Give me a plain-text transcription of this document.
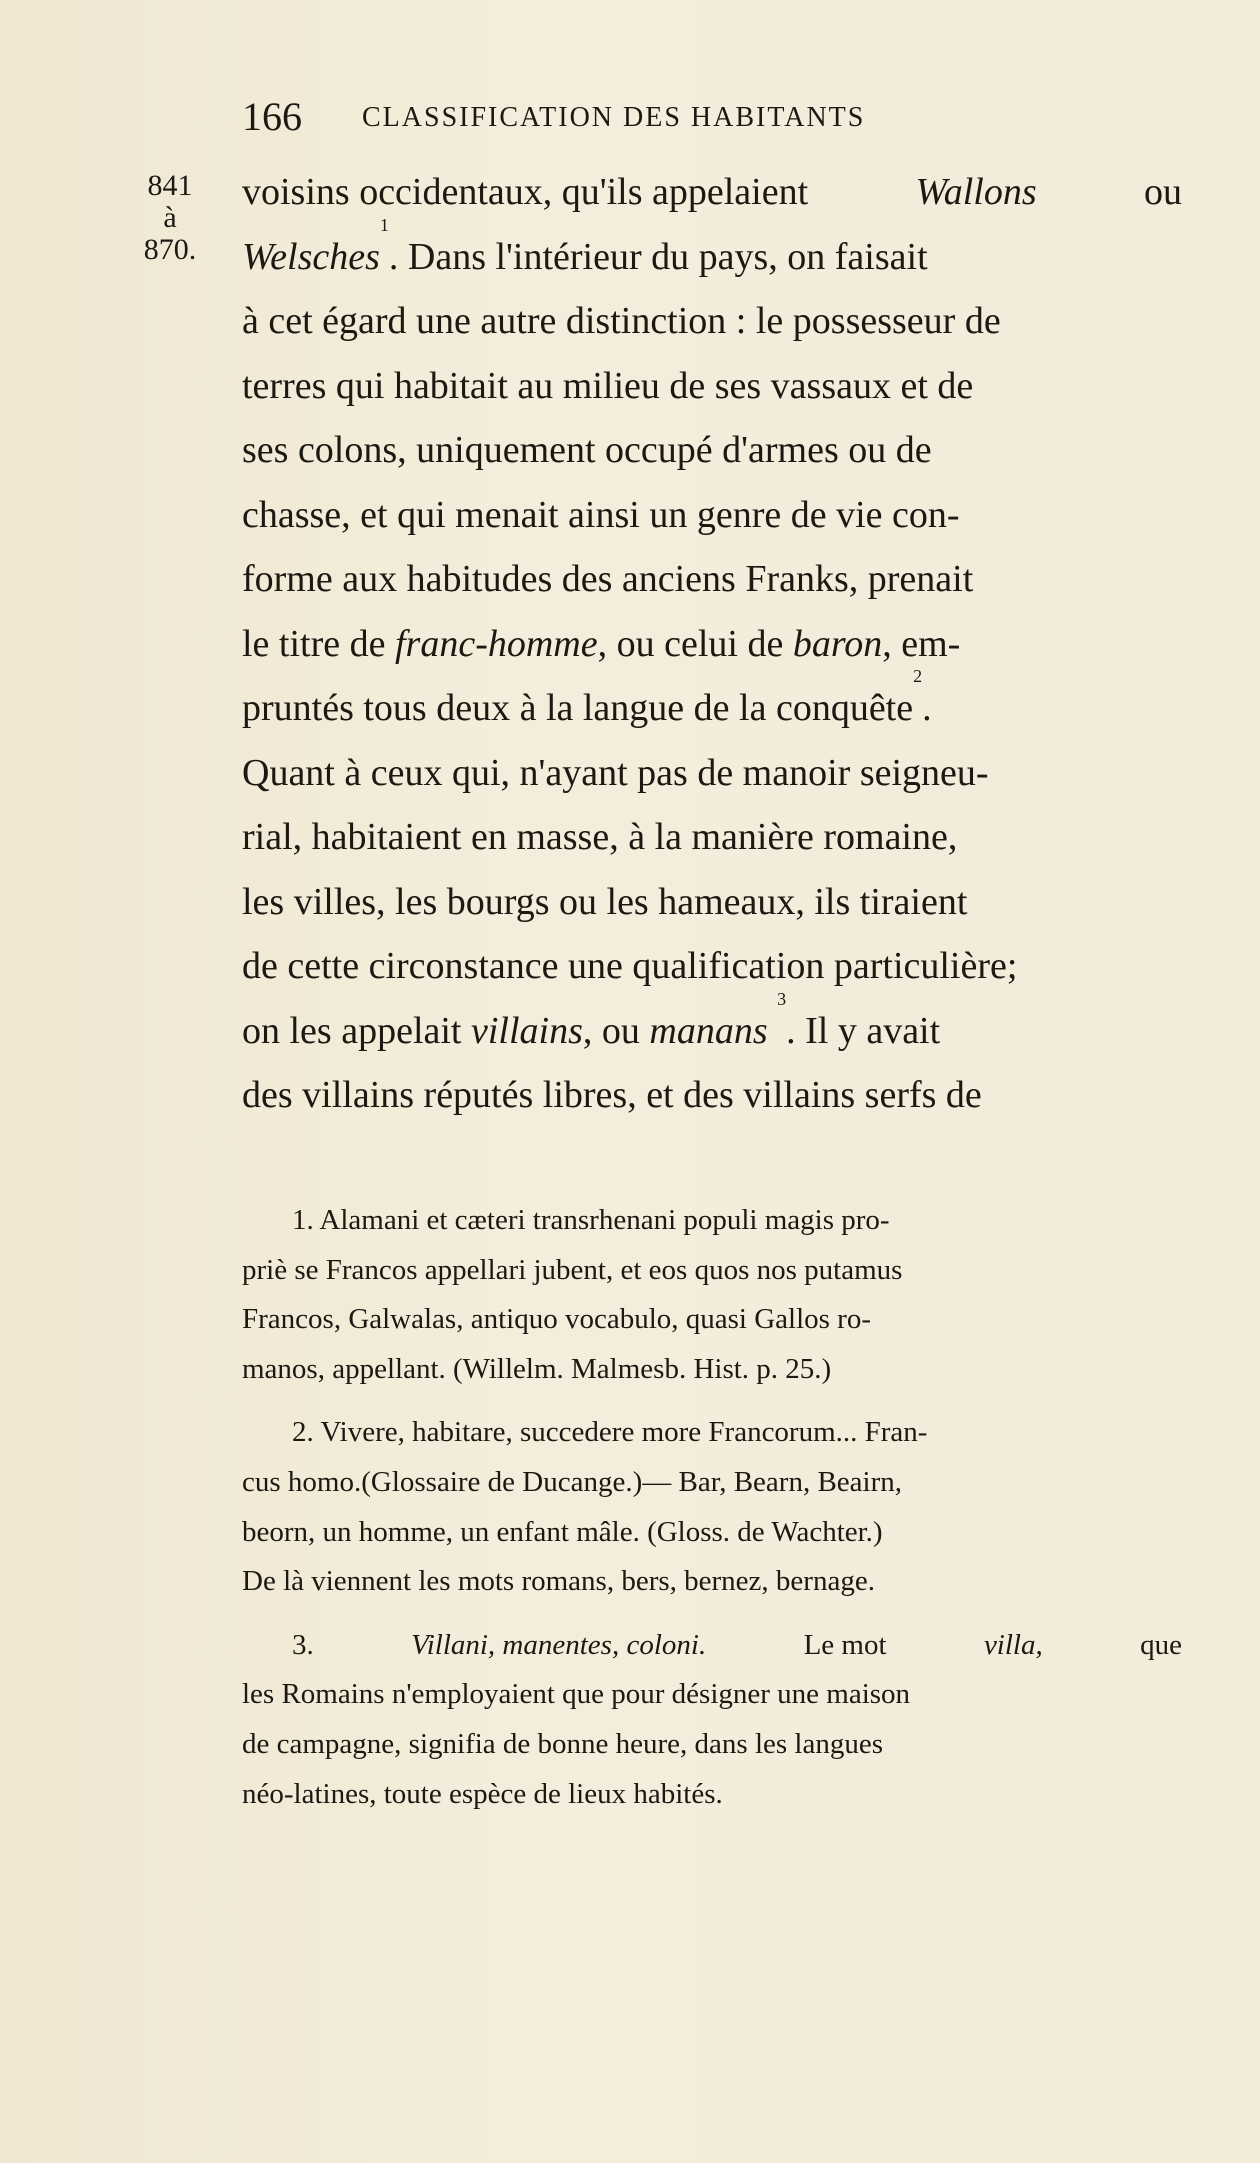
166 CLASSIFICATION DES HABITANTS
841
à
870.
voisins occidentaux, qu'ils appelaient	Wallons	ou
Welsches
1
. Dans l'intérieur du pays, on faisait
à cet égard une autre distinction : le possesseur de
terres qui habitait au milieu de ses vassaux et de
ses colons, uniquement occupé d'armes ou de
chasse, et qui menait ainsi un genre de vie con-
forme aux habitudes des anciens Franks, prenait
le titre de
franc-homme , ou celui de
baron , em-
pruntés tous deux à la langue de la conquête
2
.
Quant à ceux qui, n'ayant pas de manoir seigneu-
rial, habitaient en masse, à la manière romaine,
les villes, les bourgs ou les hameaux, ils tiraient
de cette circonstance une qualification particulière;
on les appelait
villains , ou
manans

3
. Il y avait
des villains réputés libres, et des villains serfs de
1. Alamani et cæteri transrhenani populi magis pro-
priè se Francos appellari jubent, et eos quos nos putamus
Francos, Galwalas, antiquo vocabulo, quasi Gallos ro-
manos, appellant. (Willelm. Malmesb. Hist. p. 25.)
2. Vivere, habitare, succedere more Francorum... Fran-
cus homo.(Glossaire de Ducange.)— Bar, Bearn, Beairn,
beorn, un homme, un enfant mâle. (Gloss. de Wachter.)
De là viennent les mots romans, bers, bernez, bernage.
3.	Villani, manentes, coloni.	Le mot	villa,	que
les Romains n'employaient que pour désigner une maison
de campagne, signifia de bonne heure, dans les langues
néo-latines, toute espèce de lieux habités.
